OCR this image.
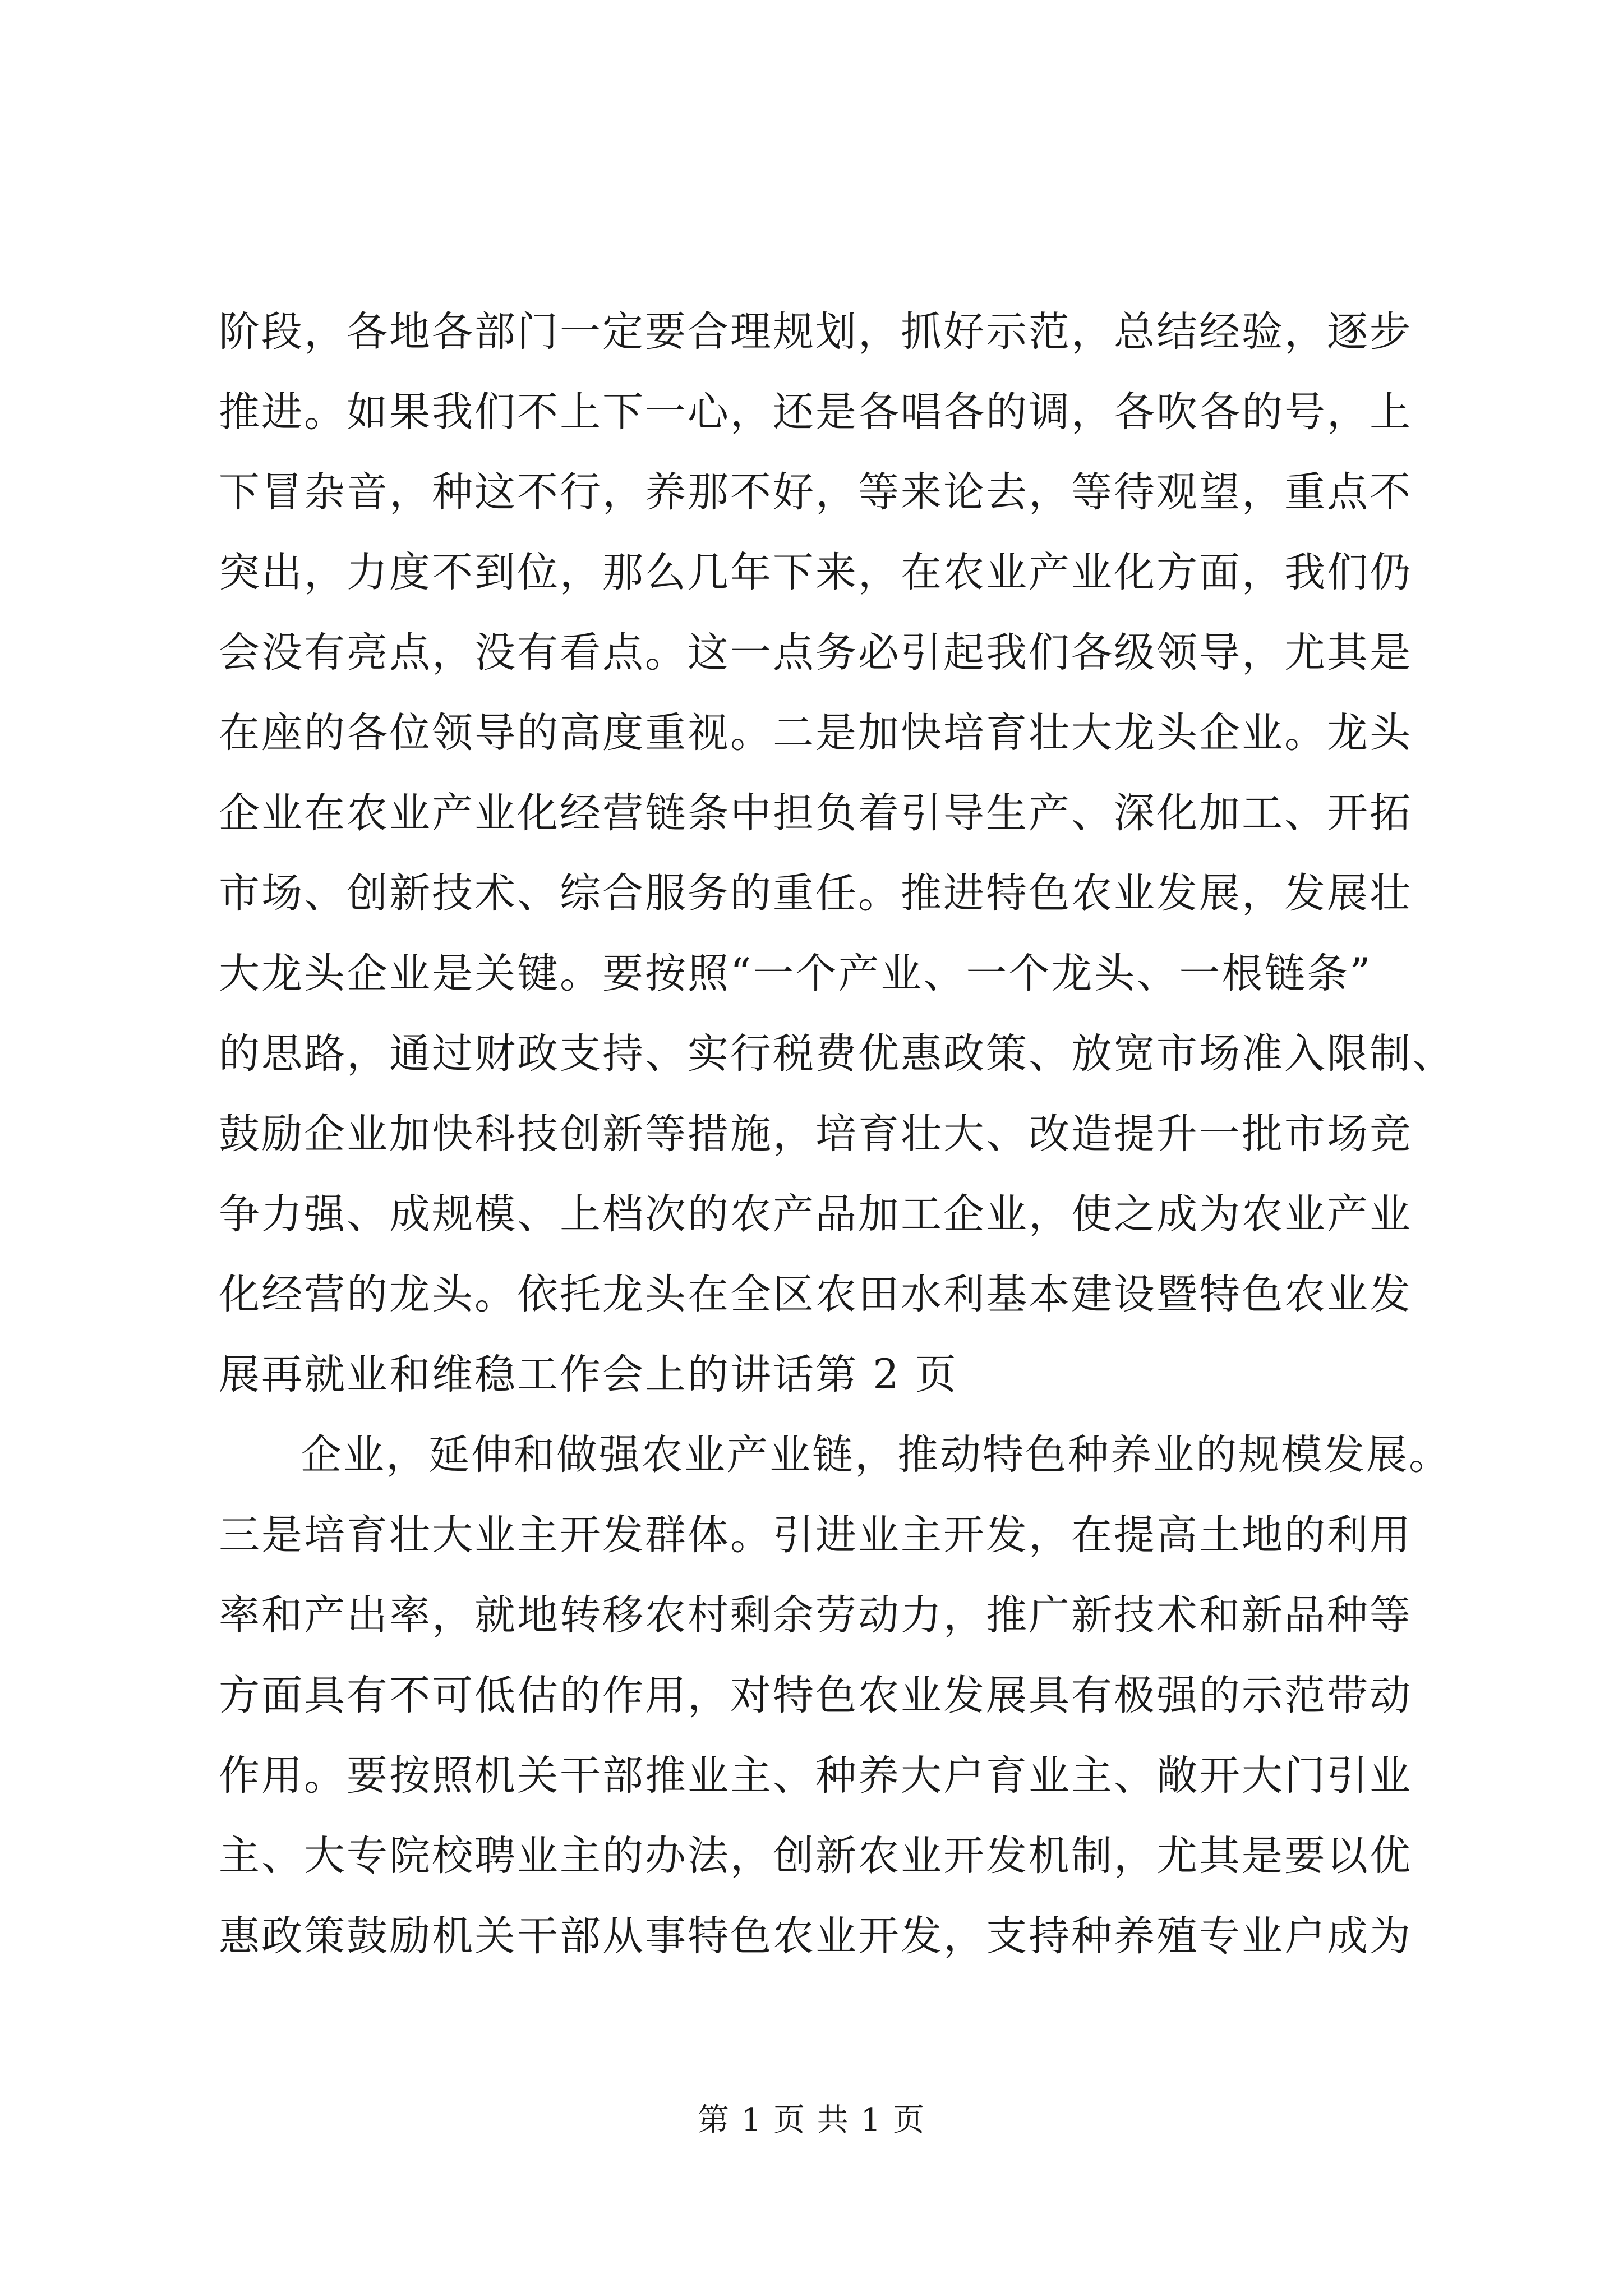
阶段，各地各部门一定要合理规划，抓好示范，总结经验，逐步
推进。如果我们不上下一心，还是各唱各的调，各吹各的号，上
下冒杂音，种这不行，养那不好，等来论去，等待观望，重点不
突出，力度不到位，那么几年下来，在农业产业化方面，我们仍
会没有亮点，没有看点。这一点务必引起我们各级领导，尤其是
在座的各位领导的高度重视。二是加快培育壮大龙头企业。龙头
企业在农业产业化经营链条中担负着引导生产、深化加工、开拓
市场、创新技术、综合服务的重任。推进特色农业发展，发展壮
大龙头企业是关键。要按照“一个产业、一个龙头、一根链条”
的思路，通过财政支持、实行税费优惠政策、放宽市场准入限制、
鼓励企业加快科技创新等措施，培育壮大、改造提升一批市场竞
争力强、成规模、上档次的农产品加工企业，使之成为农业产业
化经营的龙头。依托龙头在全区农田水利基本建设暨特色农业发
展再就业和维稳工作会上的讲话第 2 页
企业，延伸和做强农业产业链，推动特色种养业的规模发展。
三是培育壮大业主开发群体。引进业主开发，在提高土地的利用
率和产出率，就地转移农村剩余劳动力，推广新技术和新品种等
方面具有不可低估的作用，对特色农业发展具有极强的示范带动
作用。要按照机关干部推业主、种养大户育业主、敞开大门引业
主、大专院校聘业主的办法，创新农业开发机制，尤其是要以优
惠政策鼓励机关干部从事特色农业开发，支持种养殖专业户成为
第 1 页 共 1 页
